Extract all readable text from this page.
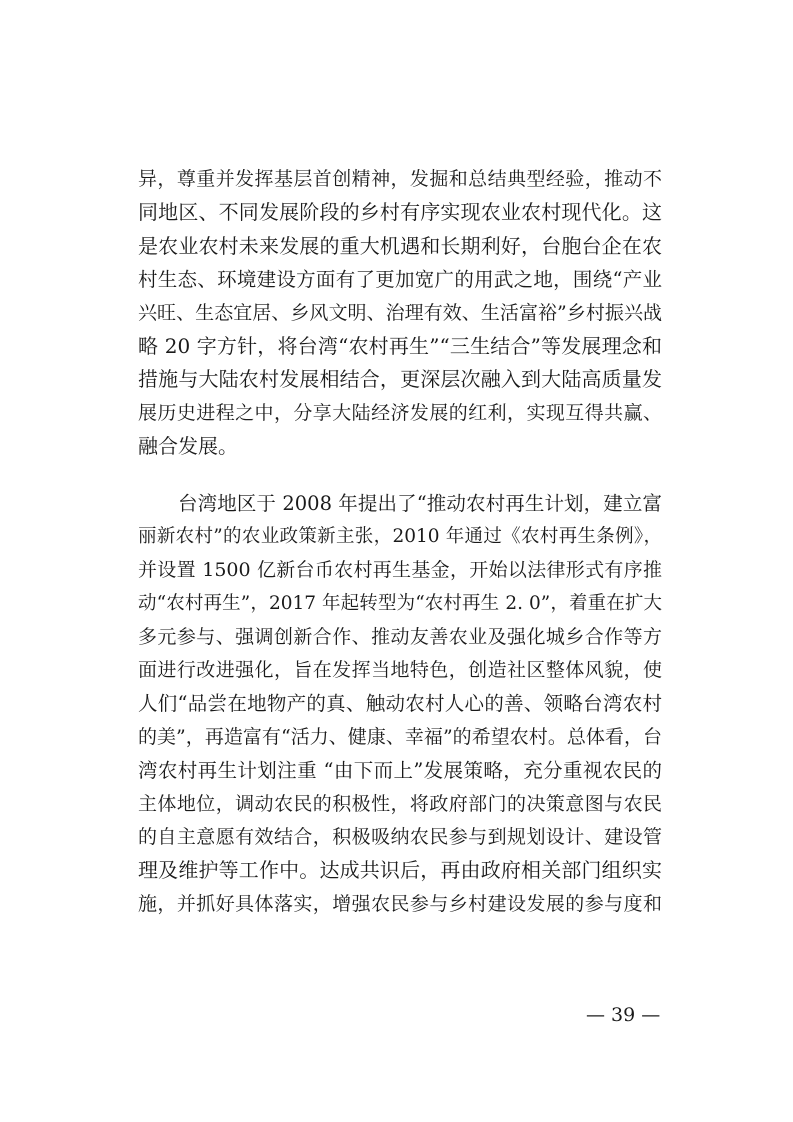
异，尊重并发挥基层首创精神，发掘和总结典型经验，推动不
同地区、不同发展阶段的乡村有序实现农业农村现代化。这
是农业农村未来发展的重大机遇和长期利好，台胞台企在农
村生态、环境建设方面有了更加宽广的用武之地，围绕“产业
兴旺、生态宜居、乡风文明、治理有效、生活富裕”乡村振兴战
略 20 字方针，将台湾“农村再生”“三生结合”等发展理念和
措施与大陆农村发展相结合，更深层次融入到大陆高质量发
展历史进程之中，分享大陆经济发展的红利，实现互得共赢、
融合发展。
台湾地区于 2008 年提出了“推动农村再生计划，建立富
丽新农村”的农业政策新主张，2010 年通过《农村再生条例》，
并设置 1500 亿新台币农村再生基金，开始以法律形式有序推
动“农村再生”，2017 年起转型为“农村再生 2. 0”，着重在扩大
多元参与、强调创新合作、推动友善农业及强化城乡合作等方
面进行改进强化，旨在发挥当地特色，创造社区整体风貌，使
人们“品尝在地物产的真、触动农村人心的善、领略台湾农村
的美”，再造富有“活力、健康、幸福”的希望农村。总体看，台
湾农村再生计划注重 “由下而上”发展策略，充分重视农民的
主体地位，调动农民的积极性，将政府部门的决策意图与农民
的自主意愿有效结合，积极吸纳农民参与到规划设计、建设管
理及维护等工作中。达成共识后，再由政府相关部门组织实
施，并抓好具体落实，增强农民参与乡村建设发展的参与度和
— 39 —
